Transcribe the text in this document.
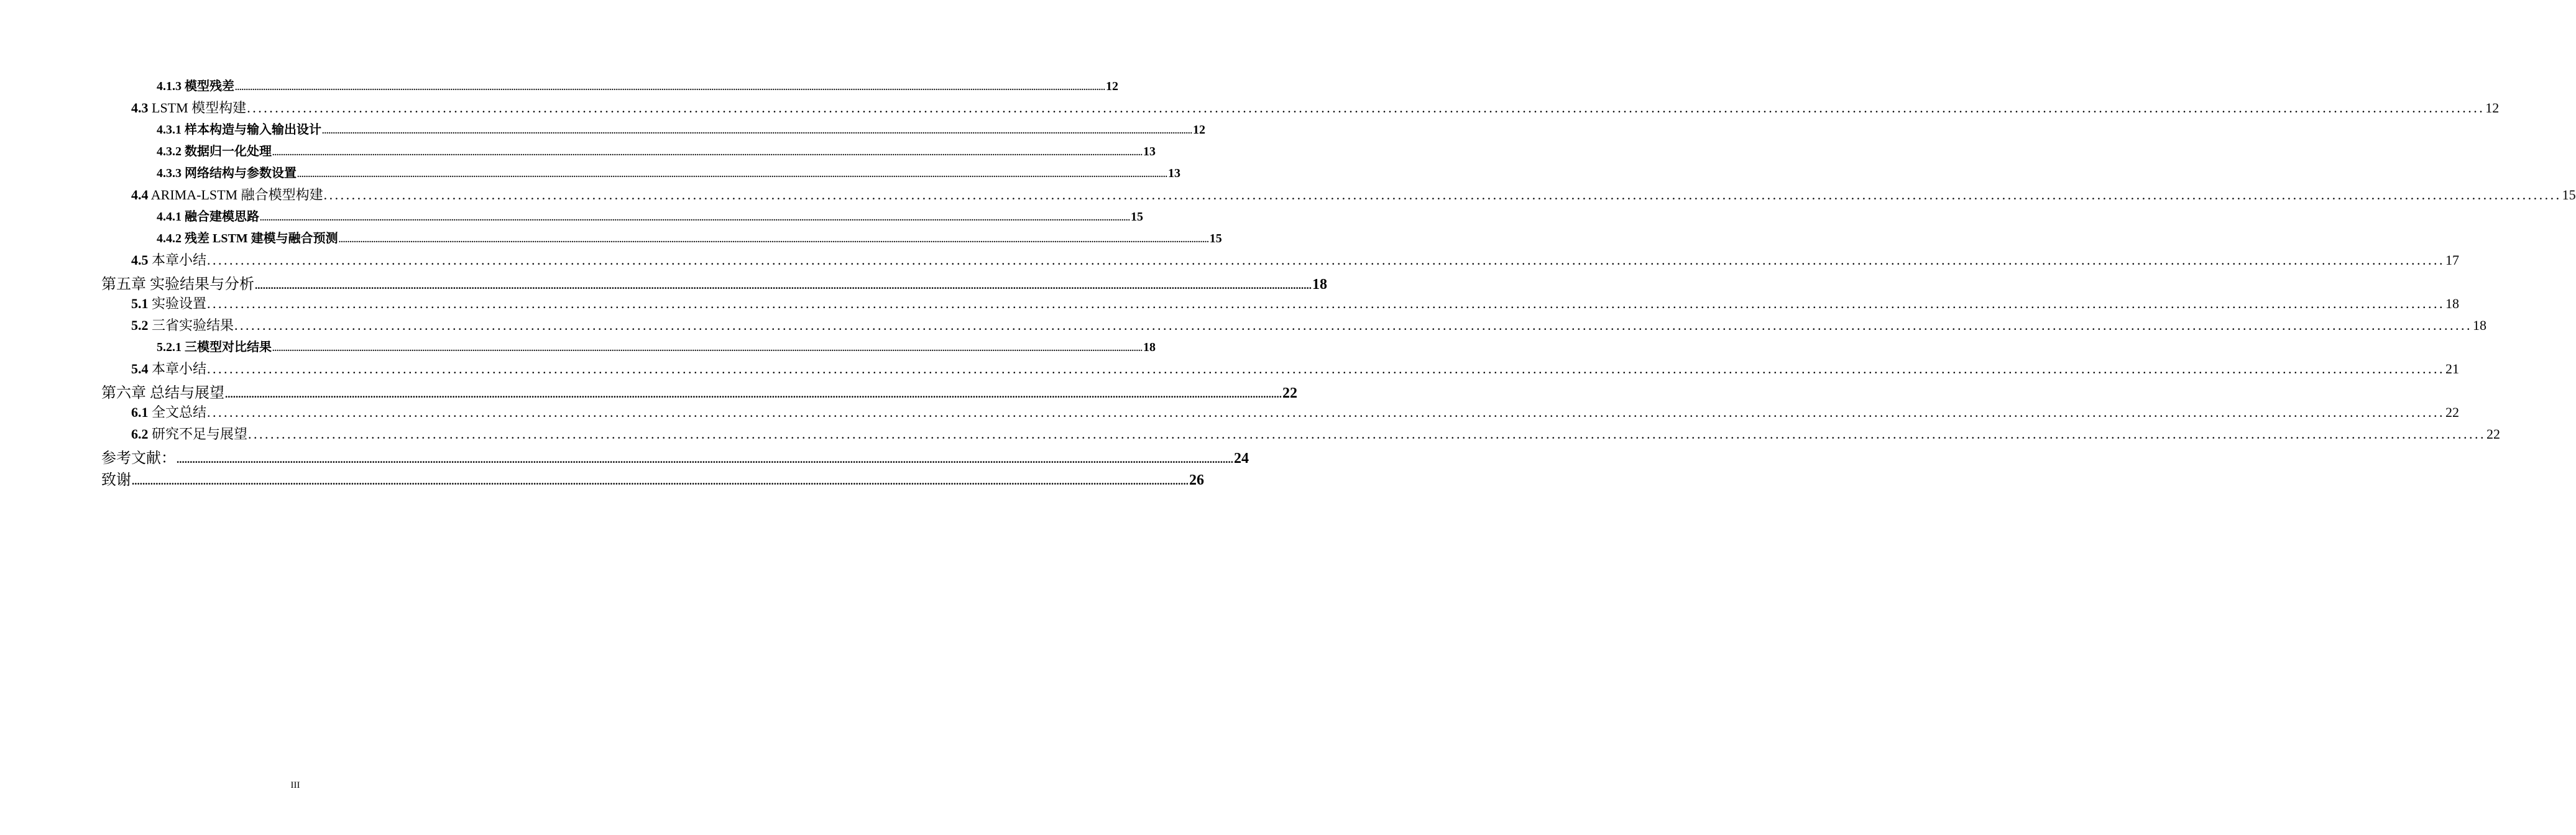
4.1.3 模型残差 ................................................................................................................................................................................................................................................................................................................................................................................................................ 12
4.3 LSTM 模型构建 ................................................................................................................................................................................................................................................................................................................................................................................................................ 12
4.3.1 样本构造与输入输出设计 ................................................................................................................................................................................................................................................................................................................................................................................................................ 12
4.3.2 数据归一化处理 ................................................................................................................................................................................................................................................................................................................................................................................................................ 13
4.3.3 网络结构与参数设置 ................................................................................................................................................................................................................................................................................................................................................................................................................ 13
4.4 ARIMA-LSTM 融合模型构建 ................................................................................................................................................................................................................................................................................................................................................................................................................ 15
4.4.1 融合建模思路 ................................................................................................................................................................................................................................................................................................................................................................................................................ 15
4.4.2 残差 LSTM 建模与融合预测 ................................................................................................................................................................................................................................................................................................................................................................................................................ 15
4.5 本章小结 ................................................................................................................................................................................................................................................................................................................................................................................................................ 17
第五章 实验结果与分析 ................................................................................................................................................................................................................................................................................................................................................................................................................ 18
5.1 实验设置 ................................................................................................................................................................................................................................................................................................................................................................................................................ 18
5.2 三省实验结果 ................................................................................................................................................................................................................................................................................................................................................................................................................ 18
5.2.1 三模型对比结果 ................................................................................................................................................................................................................................................................................................................................................................................................................ 18
5.4 本章小结 ................................................................................................................................................................................................................................................................................................................................................................................................................ 21
第六章 总结与展望 ................................................................................................................................................................................................................................................................................................................................................................................................................ 22
6.1 全文总结 ................................................................................................................................................................................................................................................................................................................................................................................................................ 22
6.2 研究不足与展望 ................................................................................................................................................................................................................................................................................................................................................................................................................ 22
参考文献： ................................................................................................................................................................................................................................................................................................................................................................................................................ 24
致谢 ................................................................................................................................................................................................................................................................................................................................................................................................................ 26
III
